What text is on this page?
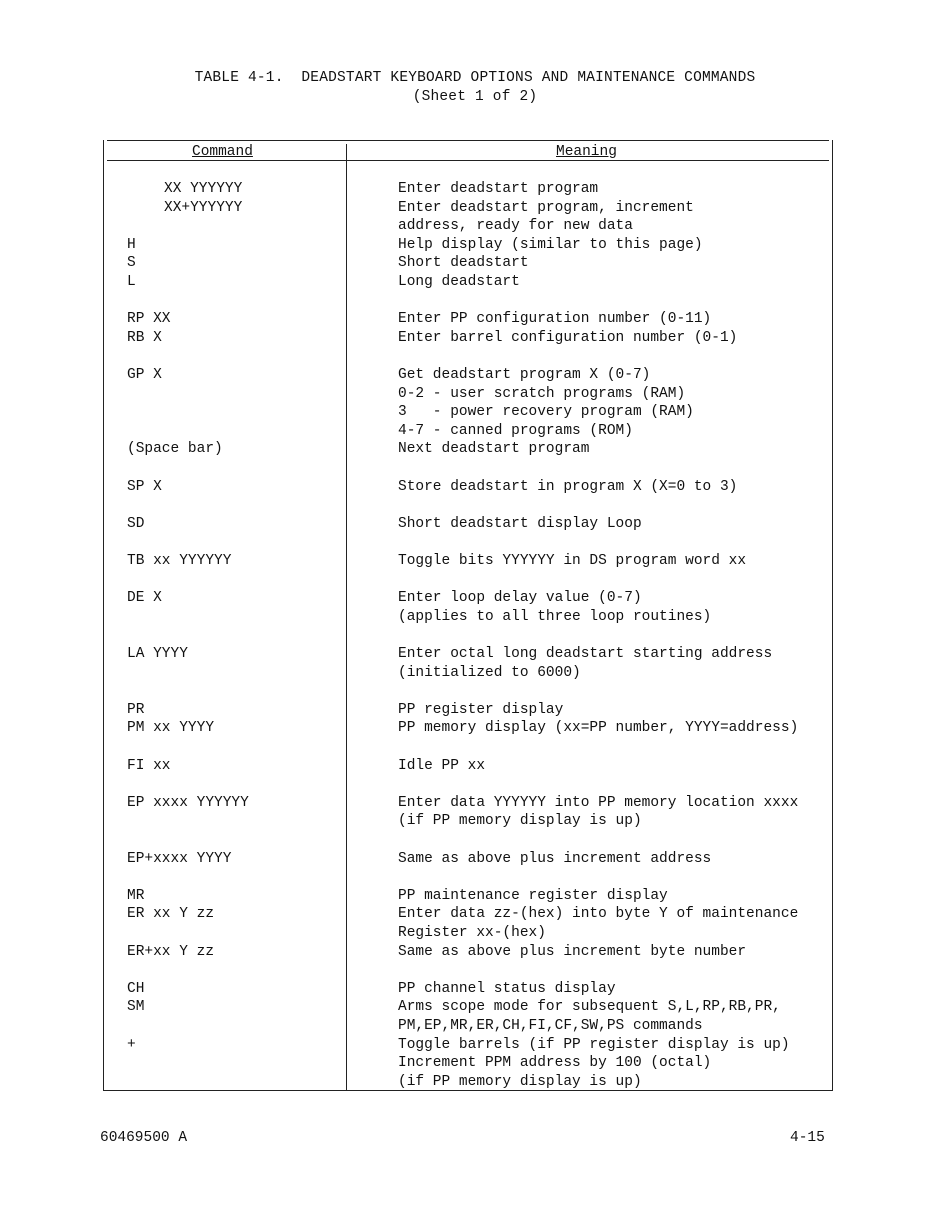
TABLE 4-1.  DEADSTART KEYBOARD OPTIONS AND MAINTENANCE COMMANDS
(Sheet 1 of 2)
Command	Meaning
XX YYYYYY	Enter deadstart program
XX+YYYYYY	Enter deadstart program, increment
address, ready for new data
H	Help display (similar to this page)
S	Short deadstart
L	Long deadstart
RP XX	Enter PP configuration number (0-11)
RB X	Enter barrel configuration number (0-1)
GP X	Get deadstart program X (0-7)
0-2 - user scratch programs (RAM)
3   - power recovery program (RAM)
4-7 - canned programs (ROM)
(Space bar)	Next deadstart program
SP X	Store deadstart in program X (X=0 to 3)
SD	Short deadstart display Loop
TB xx YYYYYY	Toggle bits YYYYYY in DS program word xx
DE X	Enter loop delay value (0-7)
(applies to all three loop routines)
LA YYYY	Enter octal long deadstart starting address
(initialized to 6000)
PR	PP register display
PM xx YYYY	PP memory display (xx=PP number, YYYY=address)
FI xx	Idle PP xx
EP xxxx YYYYYY	Enter data YYYYYY into PP memory location xxxx
(if PP memory display is up)
EP+xxxx YYYY	Same as above plus increment address
MR	PP maintenance register display
ER xx Y zz	Enter data zz-(hex) into byte Y of maintenance
Register xx-(hex)
ER+xx Y zz	Same as above plus increment byte number
CH	PP channel status display
SM	Arms scope mode for subsequent S,L,RP,RB,PR,
PM,EP,MR,ER,CH,FI,CF,SW,PS commands
+	Toggle barrels (if PP register display is up)
Increment PPM address by 100 (octal)
(if PP memory display is up)
60469500 A	4-15
